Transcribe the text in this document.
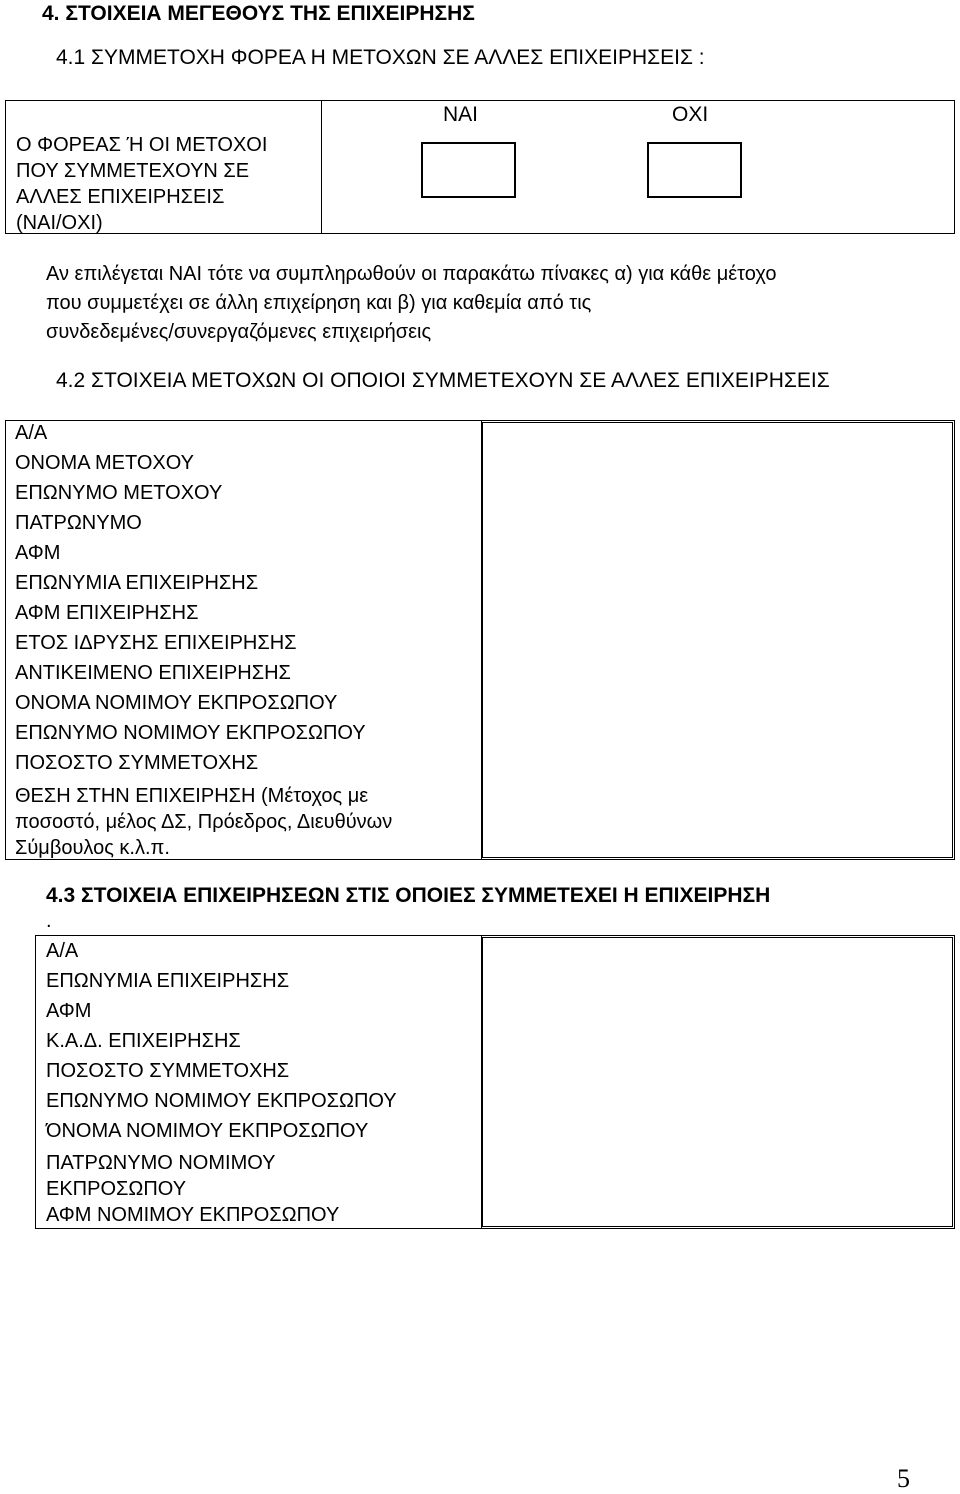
4. ΣΤΟΙΧΕΙΑ ΜΕΓΕΘΟΥΣ ΤΗΣ ΕΠΙΧΕΙΡΗΣΗΣ
4.1 ΣΥΜΜΕΤΟΧΗ ΦΟΡΕΑ Η ΜΕΤΟΧΩΝ ΣΕ ΑΛΛΕΣ ΕΠΙΧΕΙΡΗΣΕΙΣ :
Ο ΦΟΡΕΑΣ Ή ΟΙ ΜΕΤΟΧΟΙ
ΠΟΥ ΣΥΜΜΕΤΕΧΟΥΝ ΣΕ
ΑΛΛΕΣ ΕΠΙΧΕΙΡΗΣΕΙΣ
(ΝΑΙ/ΟΧΙ)
ΝΑΙ	ΟΧΙ
Αν επιλέγεται ΝΑΙ τότε να συμπληρωθούν οι παρακάτω πίνακες α) για κάθε μέτοχο
που συμμετέχει σε άλλη επιχείρηση και β) για καθεμία από τις
συνδεδεμένες/συνεργαζόμενες επιχειρήσεις
4.2 ΣΤΟΙΧΕΙΑ ΜΕΤΟΧΩΝ ΟΙ ΟΠΟΙΟΙ ΣΥΜΜΕΤΕΧΟΥΝ ΣΕ ΑΛΛΕΣ ΕΠΙΧΕΙΡΗΣΕΙΣ
Α/Α
ΟΝΟΜΑ ΜΕΤΟΧΟΥ
ΕΠΩΝΥΜΟ ΜΕΤΟΧΟΥ
ΠΑΤΡΩΝΥΜΟ
ΑΦΜ
ΕΠΩΝΥΜΙΑ ΕΠΙΧΕΙΡΗΣΗΣ
ΑΦΜ ΕΠΙΧΕΙΡΗΣΗΣ
ΕΤΟΣ ΙΔΡΥΣΗΣ ΕΠΙΧΕΙΡΗΣΗΣ
ΑΝΤΙΚΕΙΜΕΝΟ ΕΠΙΧΕΙΡΗΣΗΣ
ΟΝΟΜΑ ΝΟΜΙΜΟΥ ΕΚΠΡΟΣΩΠΟΥ
ΕΠΩΝΥΜΟ ΝΟΜΙΜΟΥ ΕΚΠΡΟΣΩΠΟΥ
ΠΟΣΟΣΤΟ ΣΥΜΜΕΤΟΧΗΣ
ΘΕΣΗ ΣΤΗΝ ΕΠΙΧΕΙΡΗΣΗ (Μέτοχος με
ποσοστό, μέλος ΔΣ, Πρόεδρος, Διευθύνων
Σύμβουλος κ.λ.π.
4.3 ΣΤΟΙΧΕΙΑ ΕΠΙΧΕΙΡΗΣΕΩΝ ΣΤΙΣ ΟΠΟΙΕΣ ΣΥΜΜΕΤΕΧΕΙ Η ΕΠΙΧΕΙΡΗΣΗ
.
Α/Α
ΕΠΩΝΥΜΙΑ ΕΠΙΧΕΙΡΗΣΗΣ
ΑΦΜ
Κ.Α.Δ. ΕΠΙΧΕΙΡΗΣΗΣ
ΠΟΣΟΣΤΟ ΣΥΜΜΕΤΟΧΗΣ
ΕΠΩΝΥΜΟ ΝΟΜΙΜΟΥ ΕΚΠΡΟΣΩΠΟΥ
ΌΝΟΜΑ ΝΟΜΙΜΟΥ ΕΚΠΡΟΣΩΠΟΥ
ΠΑΤΡΩΝΥΜΟ ΝΟΜΙΜΟΥ
ΕΚΠΡΟΣΩΠΟΥ
ΑΦΜ ΝΟΜΙΜΟΥ ΕΚΠΡΟΣΩΠΟΥ
5
